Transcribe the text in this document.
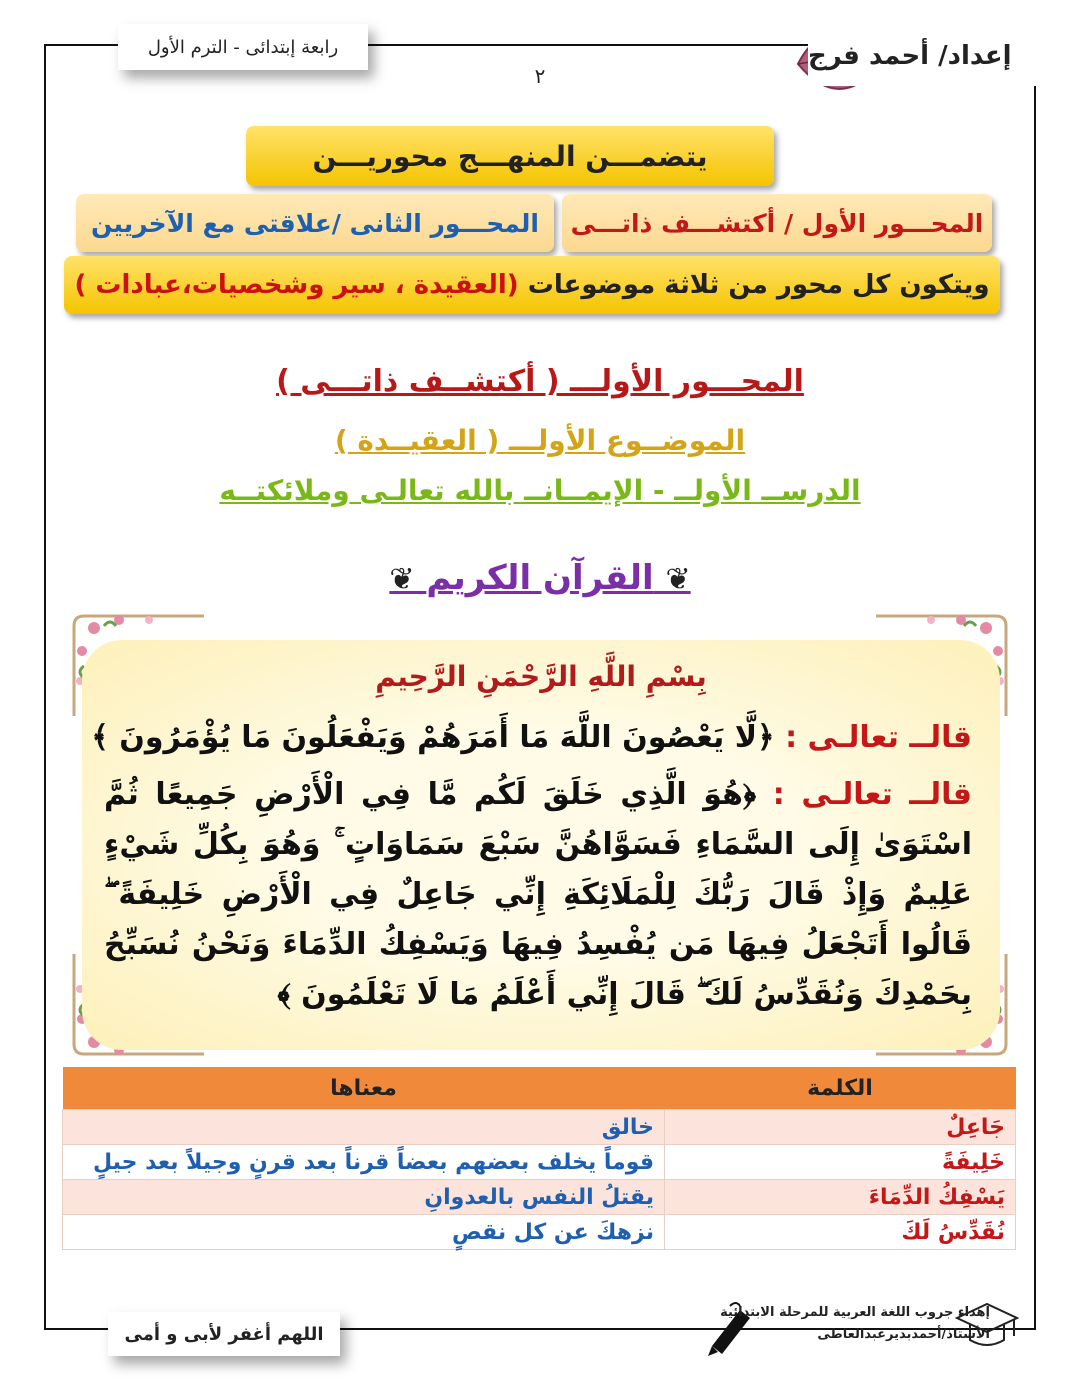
رابعة إبتدائى - الترم الأول
٢
إعداد/ أحمد فرج
يتضمـــن المنهـــج محوريـــن
المحـــور الأول / أكتشـــف ذاتـــى
المحـــور الثانى /علاقتى مع الآخريين
ويتكون كل محور من ثلاثة موضوعات

(العقيدة ، سير وشخصيات،عبادات )
المحـــور الأولـــ ( أكتشــف ذاتـــى )
الموضــوع الأولـــ ( العقيــدة )
الدرســ الأولــ - الإيمــانــ بالله تعالـى وملائكتــه
❦ القرآن الكريم ❦
بِسْمِ اللَّهِ الرَّحْمَنِ الرَّحِيمِ
قالــ تعالـى : ﴿لَّا يَعْصُونَ اللَّهَ مَا أَمَرَهُمْ وَيَفْعَلُونَ مَا يُؤْمَرُونَ ﴾
قالــ تعالـى : ﴿هُوَ الَّذِي خَلَقَ لَكُم مَّا فِي الْأَرْضِ جَمِيعًا ثُمَّ اسْتَوَىٰ إِلَى السَّمَاءِ فَسَوَّاهُنَّ سَبْعَ سَمَاوَاتٍ ۚ وَهُوَ بِكُلِّ شَيْءٍ عَلِيمٌ وَإِذْ قَالَ رَبُّكَ لِلْمَلَائِكَةِ إِنِّي جَاعِلٌ فِي الْأَرْضِ خَلِيفَةً ۖ قَالُوا أَتَجْعَلُ فِيهَا مَن يُفْسِدُ فِيهَا وَيَسْفِكُ الدِّمَاءَ وَنَحْنُ نُسَبِّحُ بِحَمْدِكَ وَنُقَدِّسُ لَكَ ۖ قَالَ إِنِّي أَعْلَمُ مَا لَا تَعْلَمُونَ ﴾
الكلمة	معناها
جَاعِلٌ	خالق
خَلِيفَةً	قوماً يخلف بعضهم بعضاً قرناً بعد قرنٍ وجيلاً بعد جيلٍ
يَسْفِكُ الدِّمَاءَ	يقتلُ النفس بالعدوانِ
نُقَدِّسُ لَكَ	نزهكَ عن كل نقصٍ
اللهم أغفر لأبى و أمى
إهداء جروب اللغة العربية للمرحلة الابتدائية
الأستاذ/أحمدبديرعبدالعاطى
